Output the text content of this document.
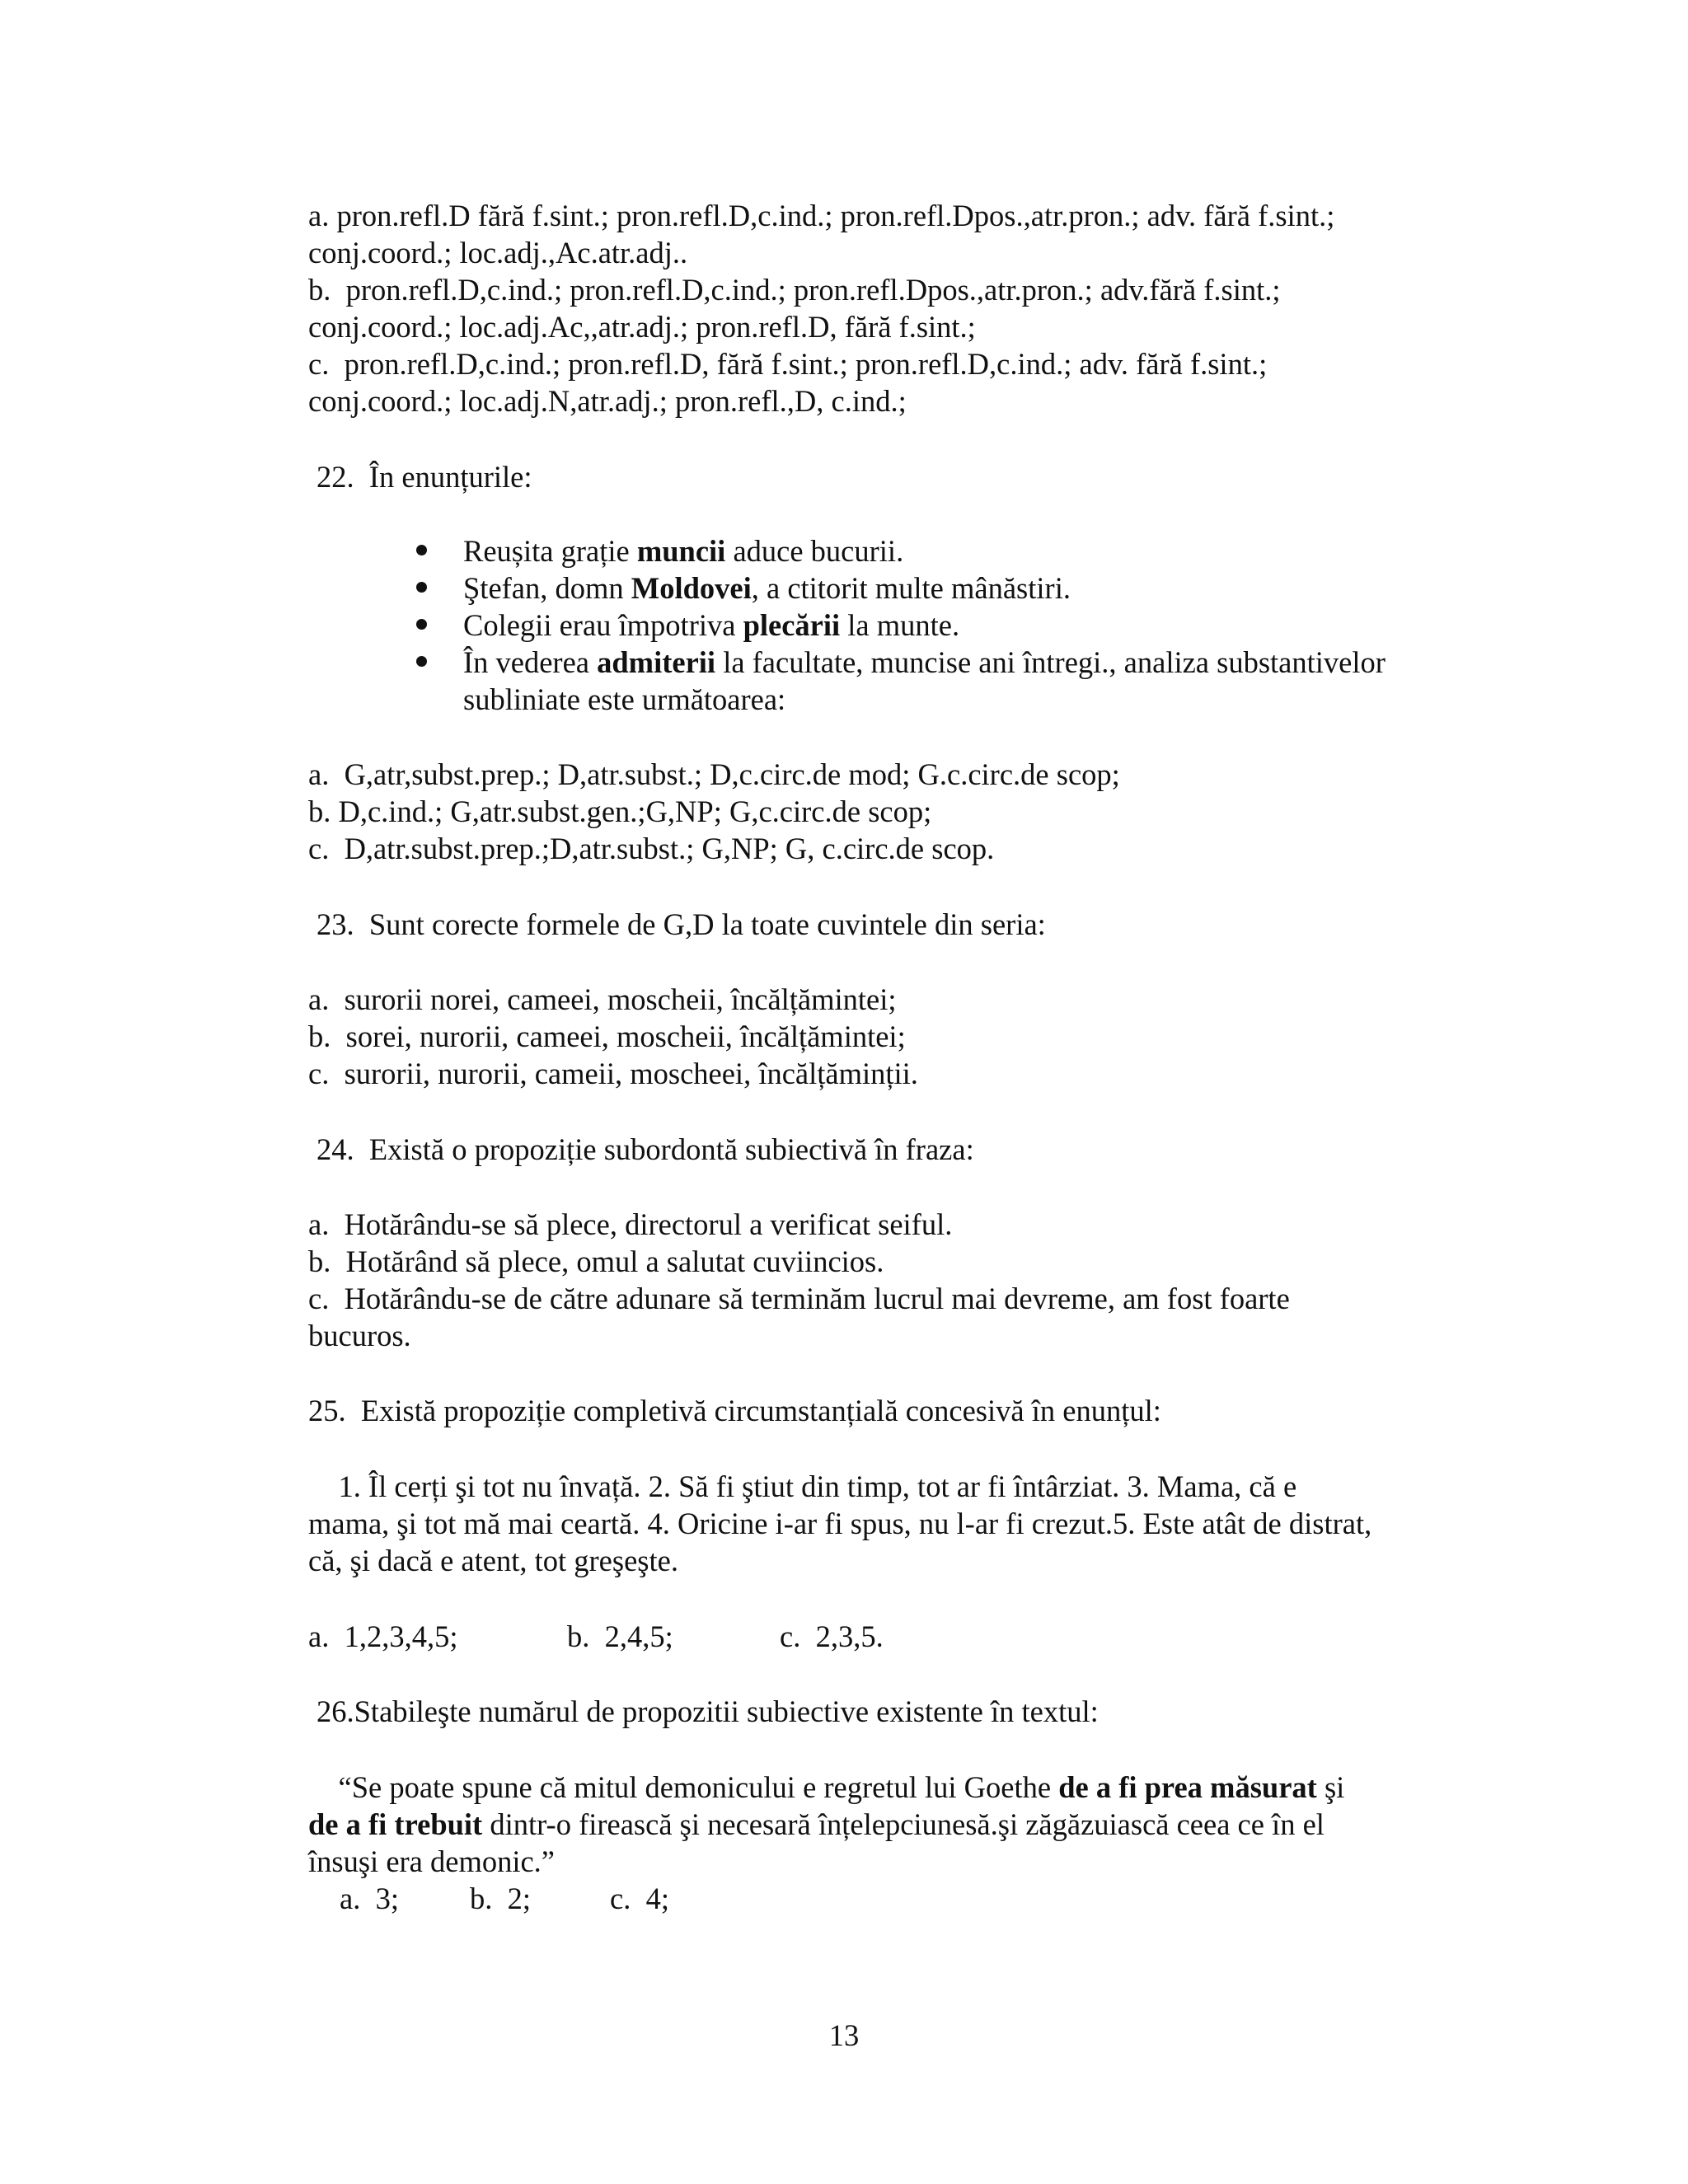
a. pron.refl.D fără f.sint.; pron.refl.D,c.ind.; pron.refl.Dpos.,atr.pron.; adv. fără f.sint.;
conj.coord.; loc.adj.,Ac.atr.adj..
b.  pron.refl.D,c.ind.; pron.refl.D,c.ind.; pron.refl.Dpos.,atr.pron.; adv.fără f.sint.;
conj.coord.; loc.adj.Ac,,atr.adj.; pron.refl.D, fără f.sint.;
c.  pron.refl.D,c.ind.; pron.refl.D, fără f.sint.; pron.refl.D,c.ind.; adv. fără f.sint.;
conj.coord.; loc.adj.N,atr.adj.; pron.refl.,D, c.ind.;
22.  În enunțurile:
Reușita grație muncii aduce bucurii.
Ştefan, domn Moldovei, a ctitorit multe mânăstiri.
Colegii erau împotriva plecării la munte.
În vederea admiterii la facultate, muncise ani întregi., analiza substantivelor
subliniate este următoarea:
a.  G,atr,subst.prep.; D,atr.subst.; D,c.circ.de mod; G.c.circ.de scop;
b. D,c.ind.; G,atr.subst.gen.;G,NP; G,c.circ.de scop;
c.  D,atr.subst.prep.;D,atr.subst.; G,NP; G, c.circ.de scop.
23.  Sunt corecte formele de G,D la toate cuvintele din seria:
a.  surorii norei, cameei, moscheii, încălțămintei;
b.  sorei, nurorii, cameei, moscheii, încălțămintei;
c.  surorii, nurorii, cameii, moscheei, încălțăminții.
24.  Există o propoziție subordontă subiectivă în fraza:
a.  Hotărându-se să plece, directorul a verificat seiful.
b.  Hotărând să plece, omul a salutat cuviincios.
c.  Hotărându-se de către adunare să terminăm lucrul mai devreme, am fost foarte
bucuros.
25.  Există propoziție completivă circumstanțială concesivă în enunțul:
1. Îl cerți şi tot nu învață. 2. Să fi ştiut din timp, tot ar fi întârziat. 3. Mama, că e
mama, şi tot mă mai ceartă. 4. Oricine i-ar fi spus, nu l-ar fi crezut.5. Este atât de distrat,
că, şi dacă e atent, tot greşeşte.
a.  1,2,3,4,5;	b.  2,4,5;	c.  2,3,5.
26.Stabileşte numărul de propozitii subiective existente în textul:
“Se poate spune că mitul demonicului e regretul lui Goethe de a fi prea măsurat şi
de a fi trebuit dintr-o firească şi necesară înțelepciunesă.şi zăgăzuiască ceea ce în el
însuşi era demonic.”
a.  3; b.  2;	c.  4;
13
